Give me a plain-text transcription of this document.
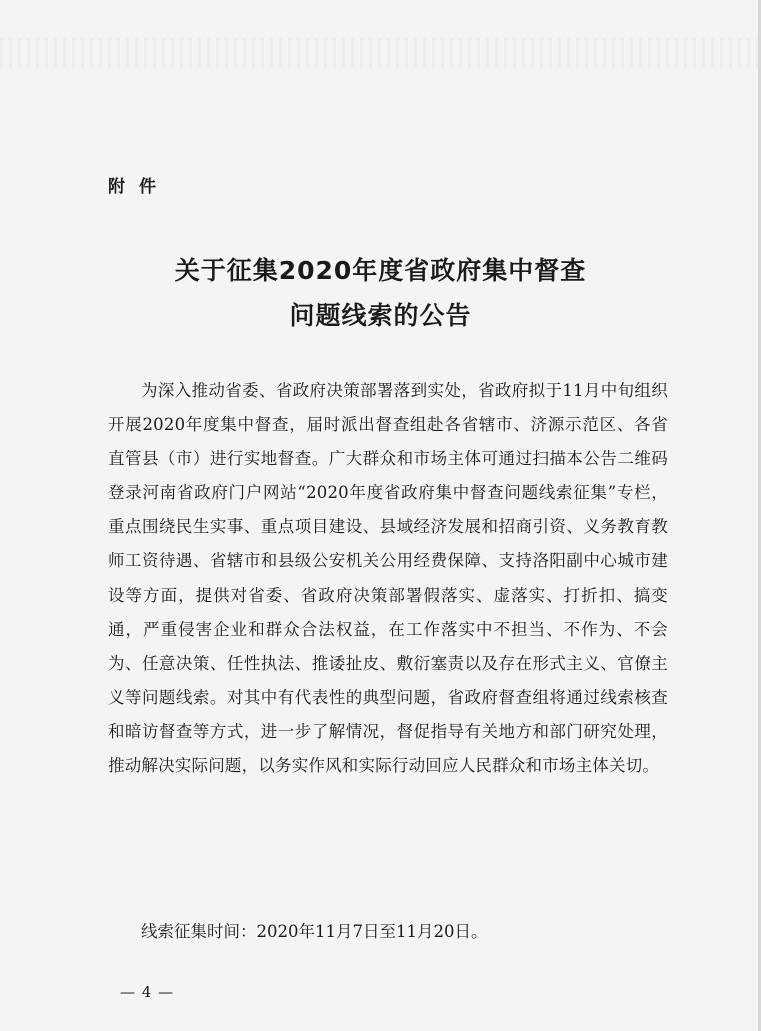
附件
关于征集2020年度省政府集中督查
问题线索的公告

为深入推动省委、省政府决策部署落到实处，省政府拟于11月中旬组织开展2020年度集中督查，届时派出督查组赴各省辖市、济源示范区、各省直管县（市）进行实地督查。广大群众和市场主体可通过扫描本公告二维码登录河南省政府门户网站“2020年度省政府集中督查问题线索征集”专栏，重点围绕民生实事、重点项目建设、县域经济发展和招商引资、义务教育教师工资待遇、省辖市和县级公安机关公用经费保障、支持洛阳副中心城市建设等方面，提供对省委、省政府决策部署假落实、虚落实、打折扣、搞变通，严重侵害企业和群众合法权益，在工作落实中不担当、不作为、不会为、任意决策、任性执法、推诿扯皮、敷衍塞责以及存在形式主义、官僚主义等问题线索。对其中有代表性的典型问题，省政府督查组将通过线索核查和暗访督查等方式，进一步了解情况，督促指导有关地方和部门研究处理，推动解决实际问题，以务实作风和实际行动回应人民群众和市场主体关切。

线索征集时间：2020年11月7日至11月20日。
— 4 —
